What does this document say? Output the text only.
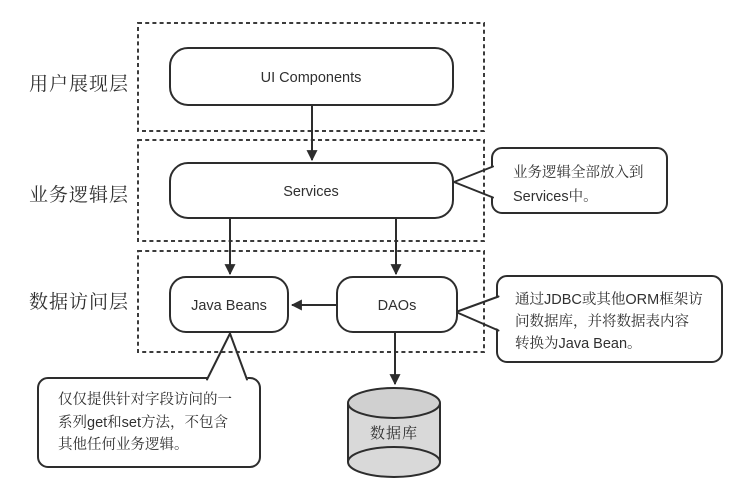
用户展现层
业务逻辑层
数据访问层
UI Components
Services
Java Beans	DAOs
数据库
业务逻辑全部放入到
Services中。
通过JDBC或其他ORM框架访
问数据库，并将数据表内容
转换为Java Bean。
仅仅提供针对字段访问的一
系列get和set方法，不包含
其他任何业务逻辑。
